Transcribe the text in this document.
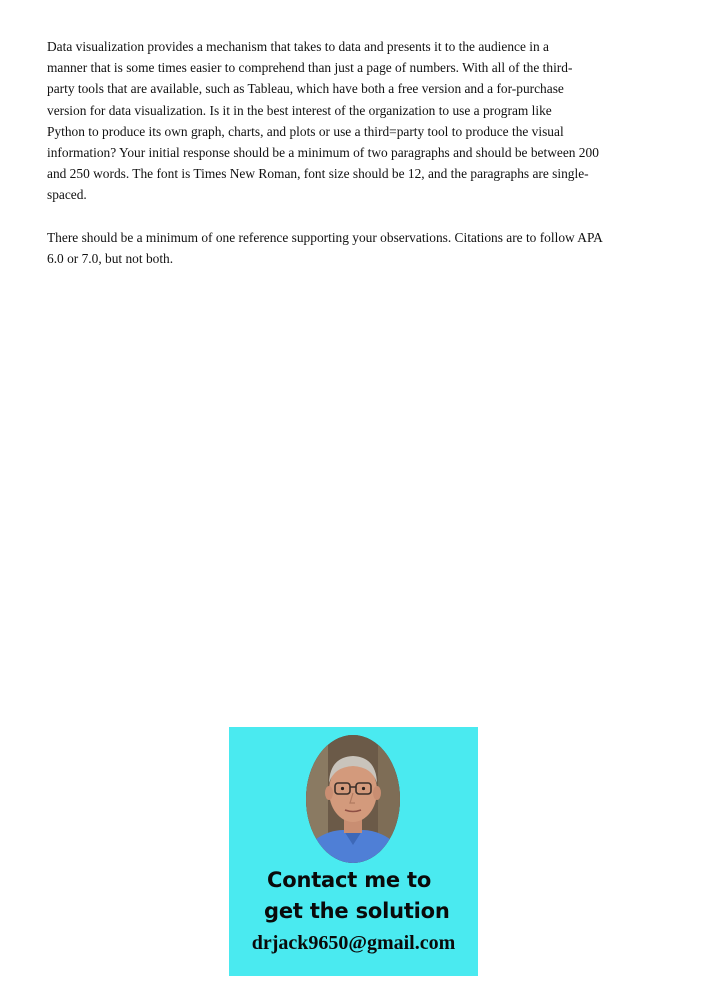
Data visualization provides a mechanism that takes to data and presents it to the audience in a
manner that is some times easier to comprehend than just a page of numbers. With all of the third-
party tools that are available, such as Tableau, which have both a free version and a for-purchase
version for data visualization. Is it in the best interest of the organization to use a program like
Python to produce its own graph, charts, and plots or use a third=party tool to produce the visual
information? Your initial response should be a minimum of two paragraphs and should be between 200
and 250 words. The font is Times New Roman, font size should be 12, and the paragraphs are single-
spaced.

There should be a minimum of one reference supporting your observations. Citations are to follow APA
6.0 or 7.0, but not both.

Contact me to
get the solution
drjack9650@gmail.com
